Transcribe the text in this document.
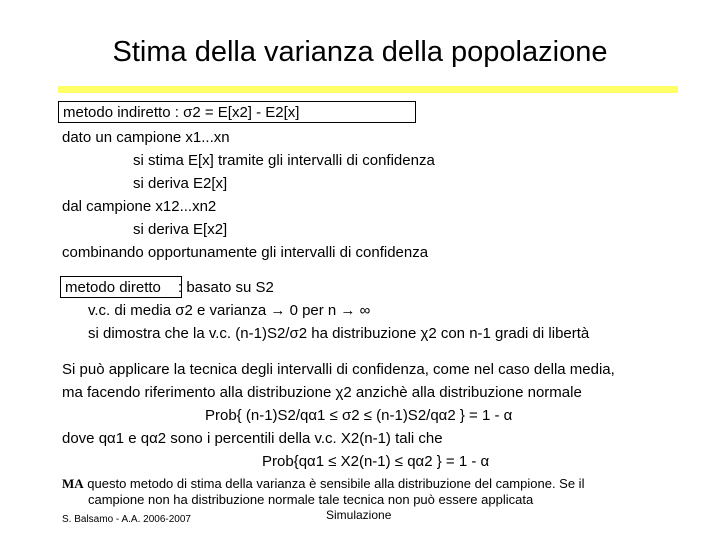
Stima della varianza della popolazione
metodo indiretto : σ2 = E[x2] - E2[x]
dato un campione x1...xn
si stima E[x] tramite gli intervalli di confidenza
si deriva E2[x]
dal campione x12...xn2
si deriva E[x2]
combinando opportunamente gli intervalli di confidenza
metodo diretto	: basato su S2
v.c. di media σ2 e varianza → 0 per n → ∞
si dimostra che la v.c. (n-1)S2/σ2 ha distribuzione χ2 con n-1 gradi di libertà
Si può applicare la tecnica degli intervalli di confidenza, come nel caso della media,
ma facendo riferimento alla distribuzione χ2 anzichè alla distribuzione normale
Prob{ (n-1)S2/qα1 ≤ σ2 ≤ (n-1)S2/qα2 } = 1 - α
dove qα1 e qα2 sono i percentili della v.c. X2(n-1) tali che
Prob{qα1 ≤ X2(n-1) ≤ qα2 } = 1 - α
MA questo metodo di stima della varianza è sensibile alla distribuzione del campione. Se il
campione non ha distribuzione normale tale tecnica non può essere applicata
S. Balsamo - A.A. 2006-2007	Simulazione
